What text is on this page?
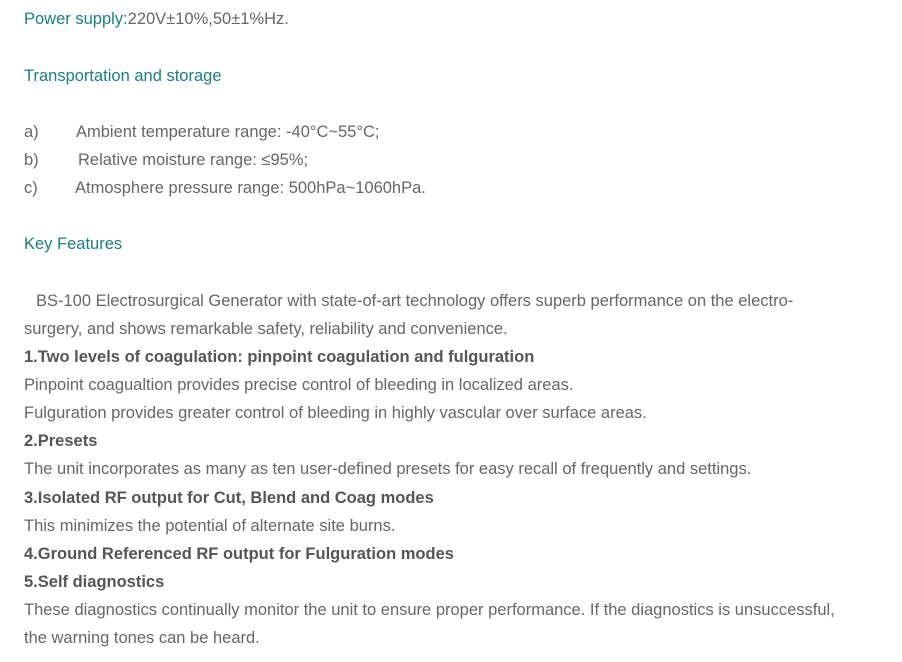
Power supply:220V±10%,50±1%Hz.
Transportation and storage
a) Ambient temperature range: -40°C~55°C;
b) Relative moisture range: ≤95%;
c) Atmosphere pressure range: 500hPa~1060hPa.
Key Features
BS-100 Electrosurgical Generator with state-of-art technology offers superb performance on the electro-
surgery, and shows remarkable safety, reliability and convenience.
1.Two levels of coagulation: pinpoint coagulation and fulguration
Pinpoint coagualtion provides precise control of bleeding in localized areas.
Fulguration provides greater control of bleeding in highly vascular over surface areas.
2.Presets
The unit incorporates as many as ten user-defined presets for easy recall of frequently and settings.
3.Isolated RF output for Cut, Blend and Coag modes
This minimizes the potential of alternate site burns.
4.Ground Referenced RF output for Fulguration modes
5.Self diagnostics
These diagnostics continually monitor the unit to ensure proper performance. If the diagnostics is unsuccessful,
the warning tones can be heard.
